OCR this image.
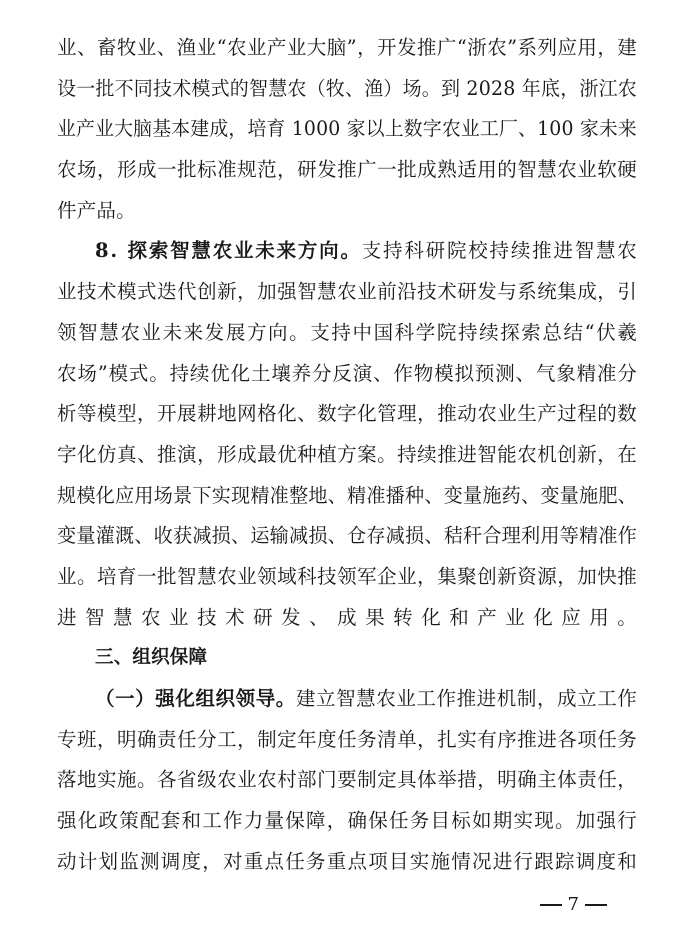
业、畜牧业、渔业“农业产业大脑”，开发推广“浙农”系列应用，建
设一批不同技术模式的智慧农（牧、渔）场。到 2028 年底，浙江农
业产业大脑基本建成，培育 1000 家以上数字农业工厂、100 家未来
农场，形成一批标准规范，研发推广一批成熟适用的智慧农业软硬
件产品。
8. 探索智慧农业未来方向。支持科研院校持续推进智慧农
业技术模式迭代创新，加强智慧农业前沿技术研发与系统集成，引
领智慧农业未来发展方向。支持中国科学院持续探索总结“伏羲
农场”模式。持续优化土壤养分反演、作物模拟预测、气象精准分
析等模型，开展耕地网格化、数字化管理，推动农业生产过程的数
字化仿真、推演，形成最优种植方案。持续推进智能农机创新，在
规模化应用场景下实现精准整地、精准播种、变量施药、变量施肥、
变量灌溉、收获减损、运输减损、仓存减损、秸秆合理利用等精准作
业。培育一批智慧农业领域科技领军企业，集聚创新资源，加快推
进智慧农业技术研发、成果转化和产业化应用。
三、组织保障
（一）强化组织领导。建立智慧农业工作推进机制，成立工作
专班，明确责任分工，制定年度任务清单，扎实有序推进各项任务
落地实施。各省级农业农村部门要制定具体举措，明确主体责任，
强化政策配套和工作力量保障，确保任务目标如期实现。加强行
动计划监测调度，对重点任务重点项目实施情况进行跟踪调度和
7
